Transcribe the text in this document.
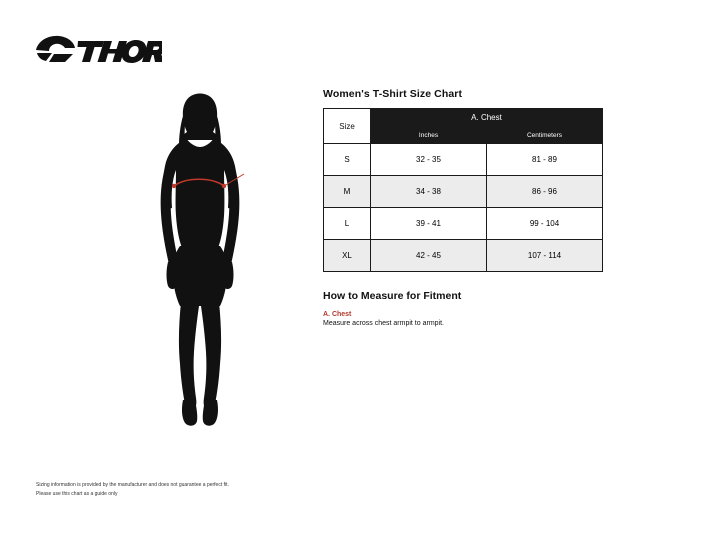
Women's T-Shirt Size Chart
Size	A. Chest	
	Inches	Centimeters
S	32 - 35	81 - 89
M	34 - 38	86 - 96
L	39 - 41	99 - 104
XL	42 - 45	107 - 114
How to Measure for Fitment

A. Chest

Measure across chest armpit to armpit.

Sizing information is provided by the manufacturer and does not guarantee a perfect fit.

Please use this chart as a guide only
